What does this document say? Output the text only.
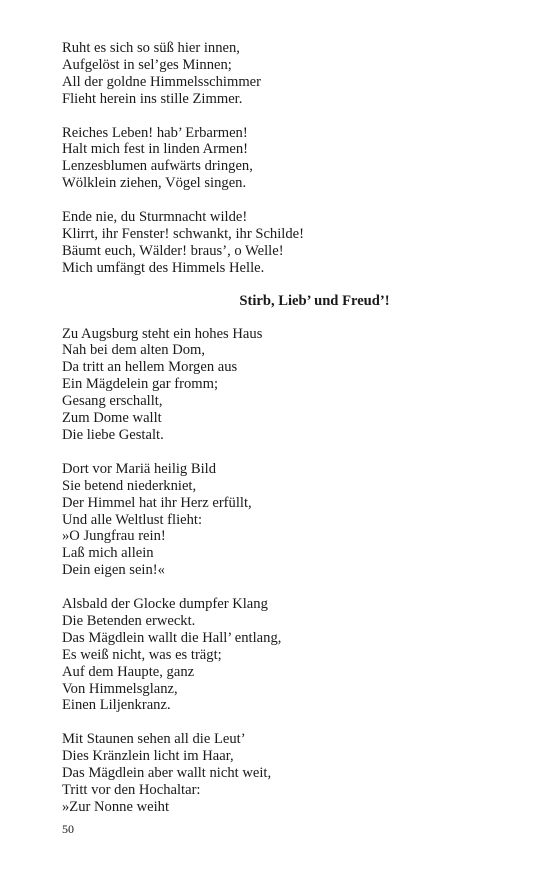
Ruht es sich so süß hier innen,
Aufgelöst in sel’ges Minnen;
All der goldne Himmelsschimmer
Flieht herein ins stille Zimmer.
Reiches Leben! hab’ Erbarmen!
Halt mich fest in linden Armen!
Lenzesblumen aufwärts dringen,
Wölklein ziehen, Vögel singen.
Ende nie, du Sturmnacht wilde!
Klirrt, ihr Fenster! schwankt, ihr Schilde!
Bäumt euch, Wälder! braus’, o Welle!
Mich umfängt des Himmels Helle.
Stirb, Lieb’ und Freud’!
Zu Augsburg steht ein hohes Haus
Nah bei dem alten Dom,
Da tritt an hellem Morgen aus
Ein Mägdelein gar fromm;
Gesang erschallt,
Zum Dome wallt
Die liebe Gestalt.
Dort vor Mariä heilig Bild
Sie betend niederkniet,
Der Himmel hat ihr Herz erfüllt,
Und alle Weltlust flieht:
»O Jungfrau rein!
Laß mich allein
Dein eigen sein!«
Alsbald der Glocke dumpfer Klang
Die Betenden erweckt.
Das Mägdlein wallt die Hall’ entlang,
Es weiß nicht, was es trägt;
Auf dem Haupte, ganz
Von Himmelsglanz,
Einen Liljenkranz.
Mit Staunen sehen all die Leut’
Dies Kränzlein licht im Haar,
Das Mägdlein aber wallt nicht weit,
Tritt vor den Hochaltar:
»Zur Nonne weiht
50
